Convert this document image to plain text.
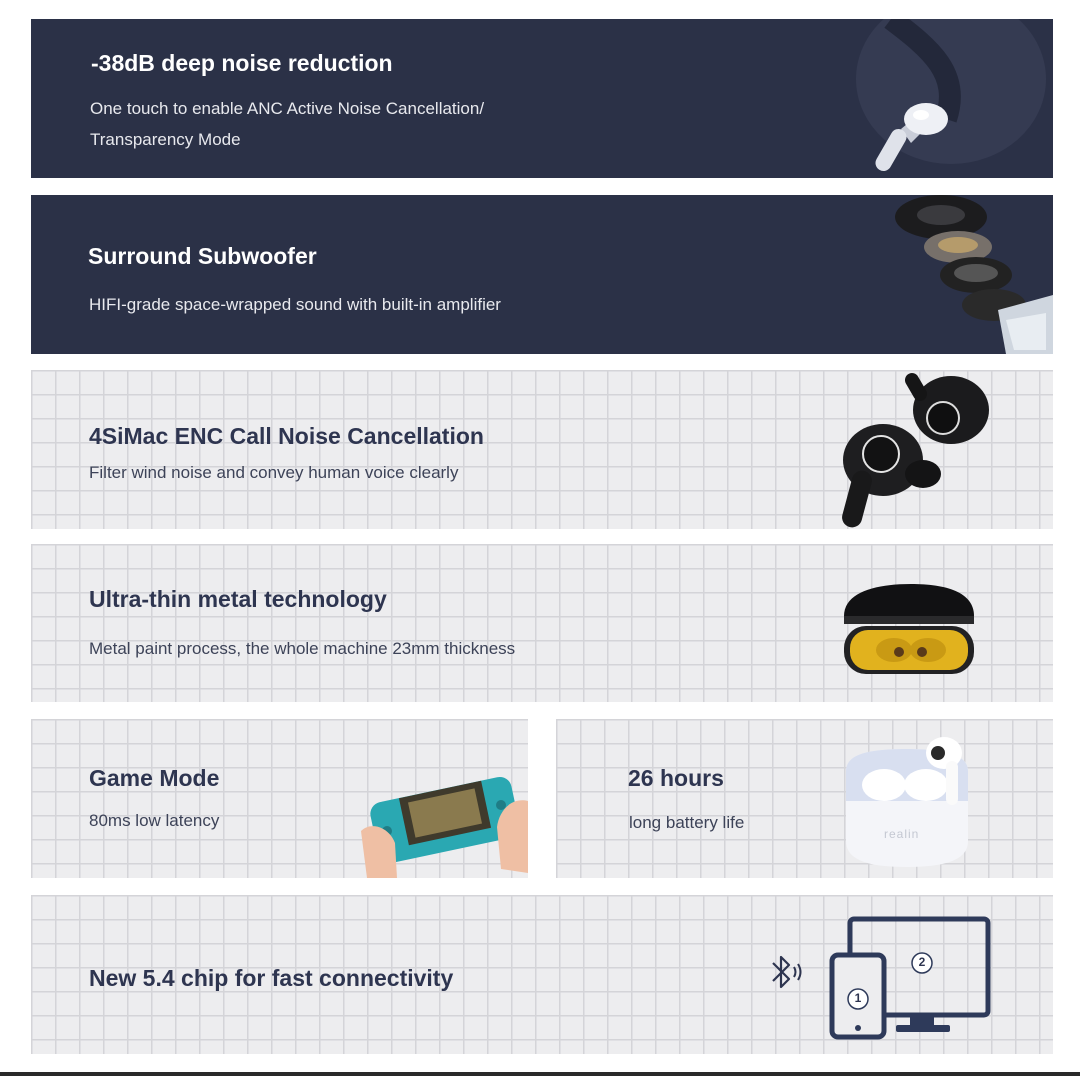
-38dB deep noise reduction
One touch to enable ANC Active Noise Cancellation/
Transparency Mode
Surround Subwoofer
HIFI-grade space-wrapped sound with built-in amplifier
4SiMac ENC Call Noise Cancellation
Filter wind noise and convey human voice clearly
Ultra-thin metal technology
Metal paint process, the whole machine 23mm thickness
Game Mode
80ms low latency
26 hours
long battery life
realin
New 5.4 chip for fast connectivity
1
2
